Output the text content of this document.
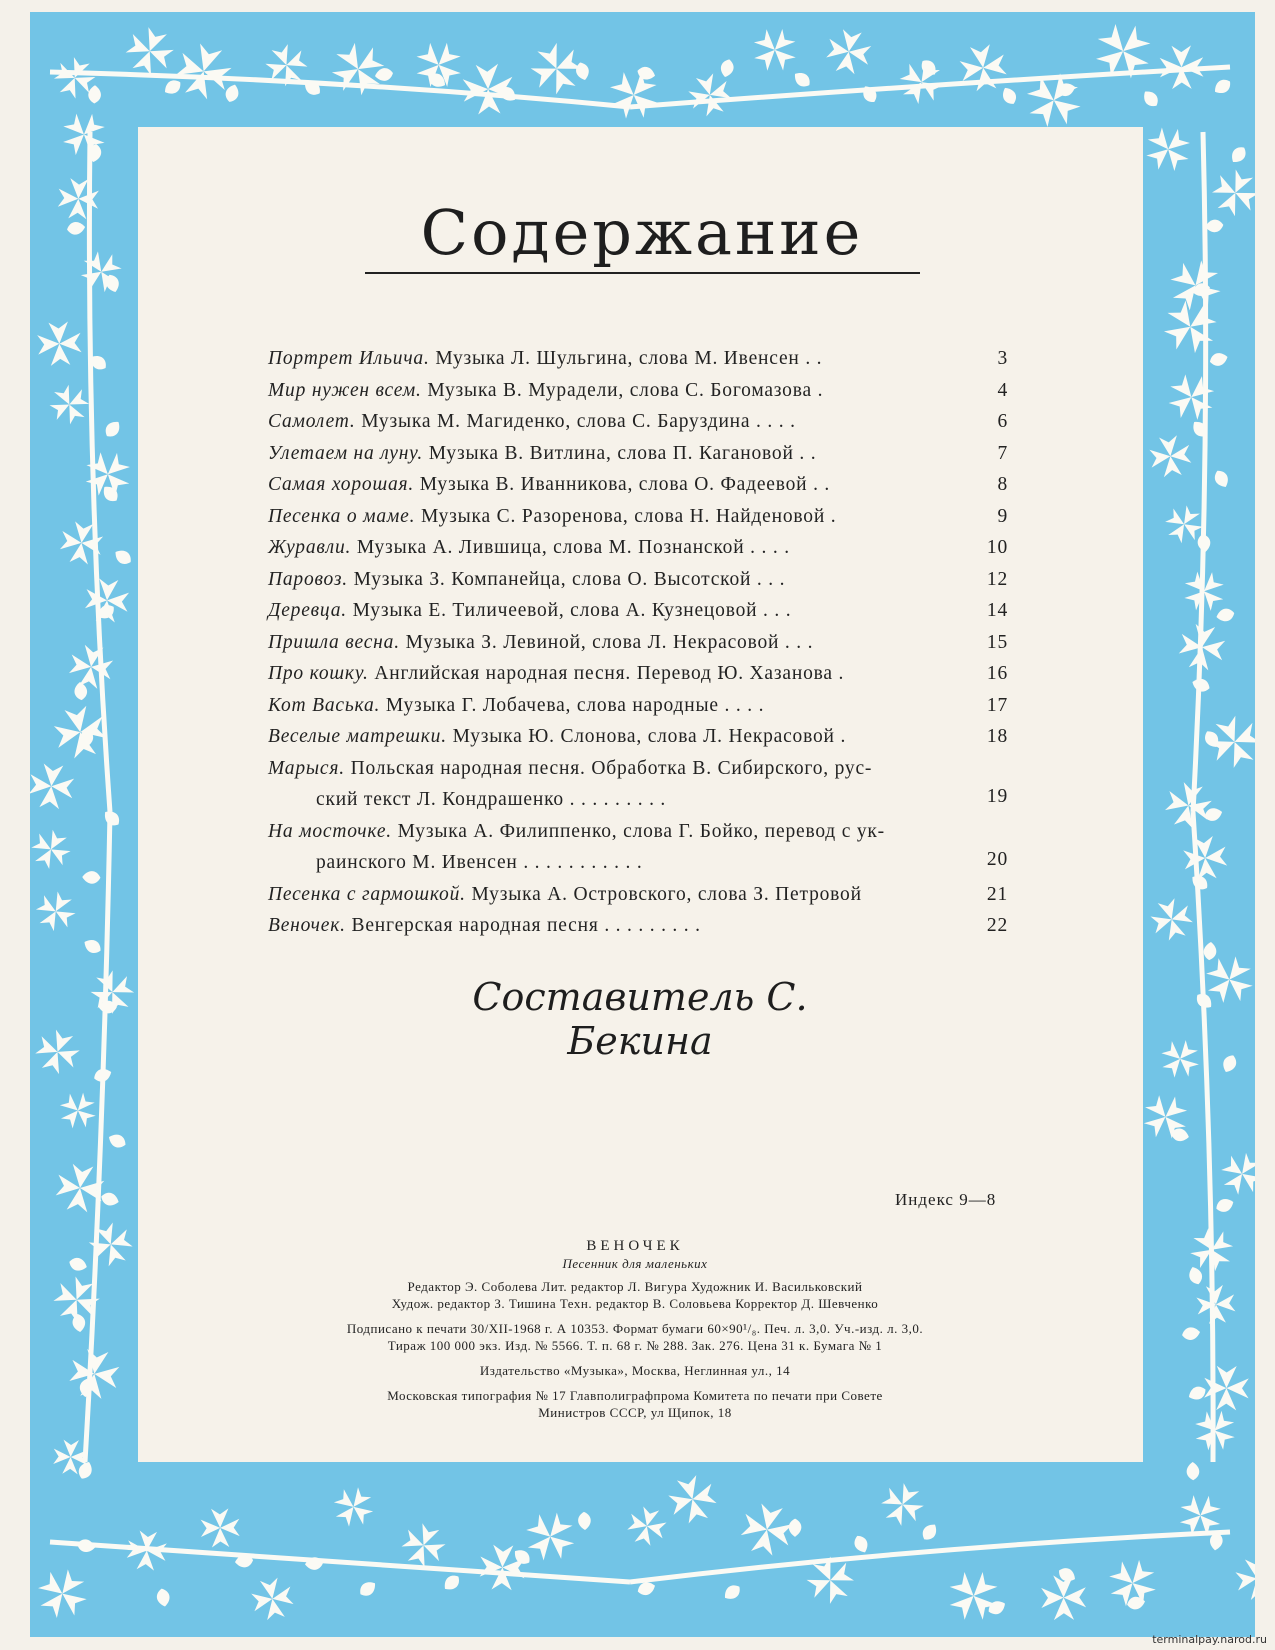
Содержание
Портрет Ильича. Музыка Л. Шульгина, слова М. Ивенсен . .	3
Мир нужен всем. Музыка В. Мурадели, слова С. Богомазова .	4
Самолет. Музыка М. Магиденко, слова С. Баруздина . . . .	6
Улетаем на луну. Музыка В. Витлина, слова П. Кагановой . .	7
Самая хорошая. Музыка В. Иванникова, слова О. Фадеевой . .	8
Песенка о маме. Музыка С. Разоренова, слова Н. Найденовой .	9
Журавли. Музыка А. Лившица, слова М. Познанской . . . .	10
Паровоз. Музыка З. Компанейца, слова О. Высотской . . .	12
Деревца. Музыка Е. Тиличеевой, слова А. Кузнецовой . . .	14
Пришла весна. Музыка З. Левиной, слова Л. Некрасовой . . .	15
Про кошку. Английская народная песня. Перевод Ю. Хазанова .	16
Кот Васька. Музыка Г. Лобачева, слова народные . . . .	17
Веселые матрешки. Музыка Ю. Слонова, слова Л. Некрасовой .	18
Марыся. Польская народная песня. Обработка В. Сибирского, рус-
ский текст Л. Кондрашенко . . . . . . . . .	19
На мосточке. Музыка А. Филиппенко, слова Г. Бойко, перевод с ук-
раинского М. Ивенсен . . . . . . . . . . .	20
Песенка с гармошкой. Музыка А. Островского, слова З. Петровой	21
Веночек. Венгерская народная песня . . . . . . . . .	22
Составитель С. Бекина
Индекс 9—8
ВЕНОЧЕК
Песенник для маленьких
Редактор Э. Соболева Лит. редактор Л. Вигура Художник И. Васильковский
Худож. редактор З. Тишина Техн. редактор В. Соловьева Корректор Д. Шевченко
Подписано к печати 30/XII-1968 г. А 10353. Формат бумаги 60×90¹/₈. Печ. л. 3,0. Уч.-изд. л. 3,0.
Тираж 100 000 экз. Изд. № 5566. Т. п. 68 г. № 288. Зак. 276. Цена 31 к. Бумага № 1
Издательство «Музыка», Москва, Неглинная ул., 14
Московская типография № 17 Главполиграфпрома Комитета по печати при Совете
Министров СССР, ул Щипок, 18
terminalpay.narod.ru
